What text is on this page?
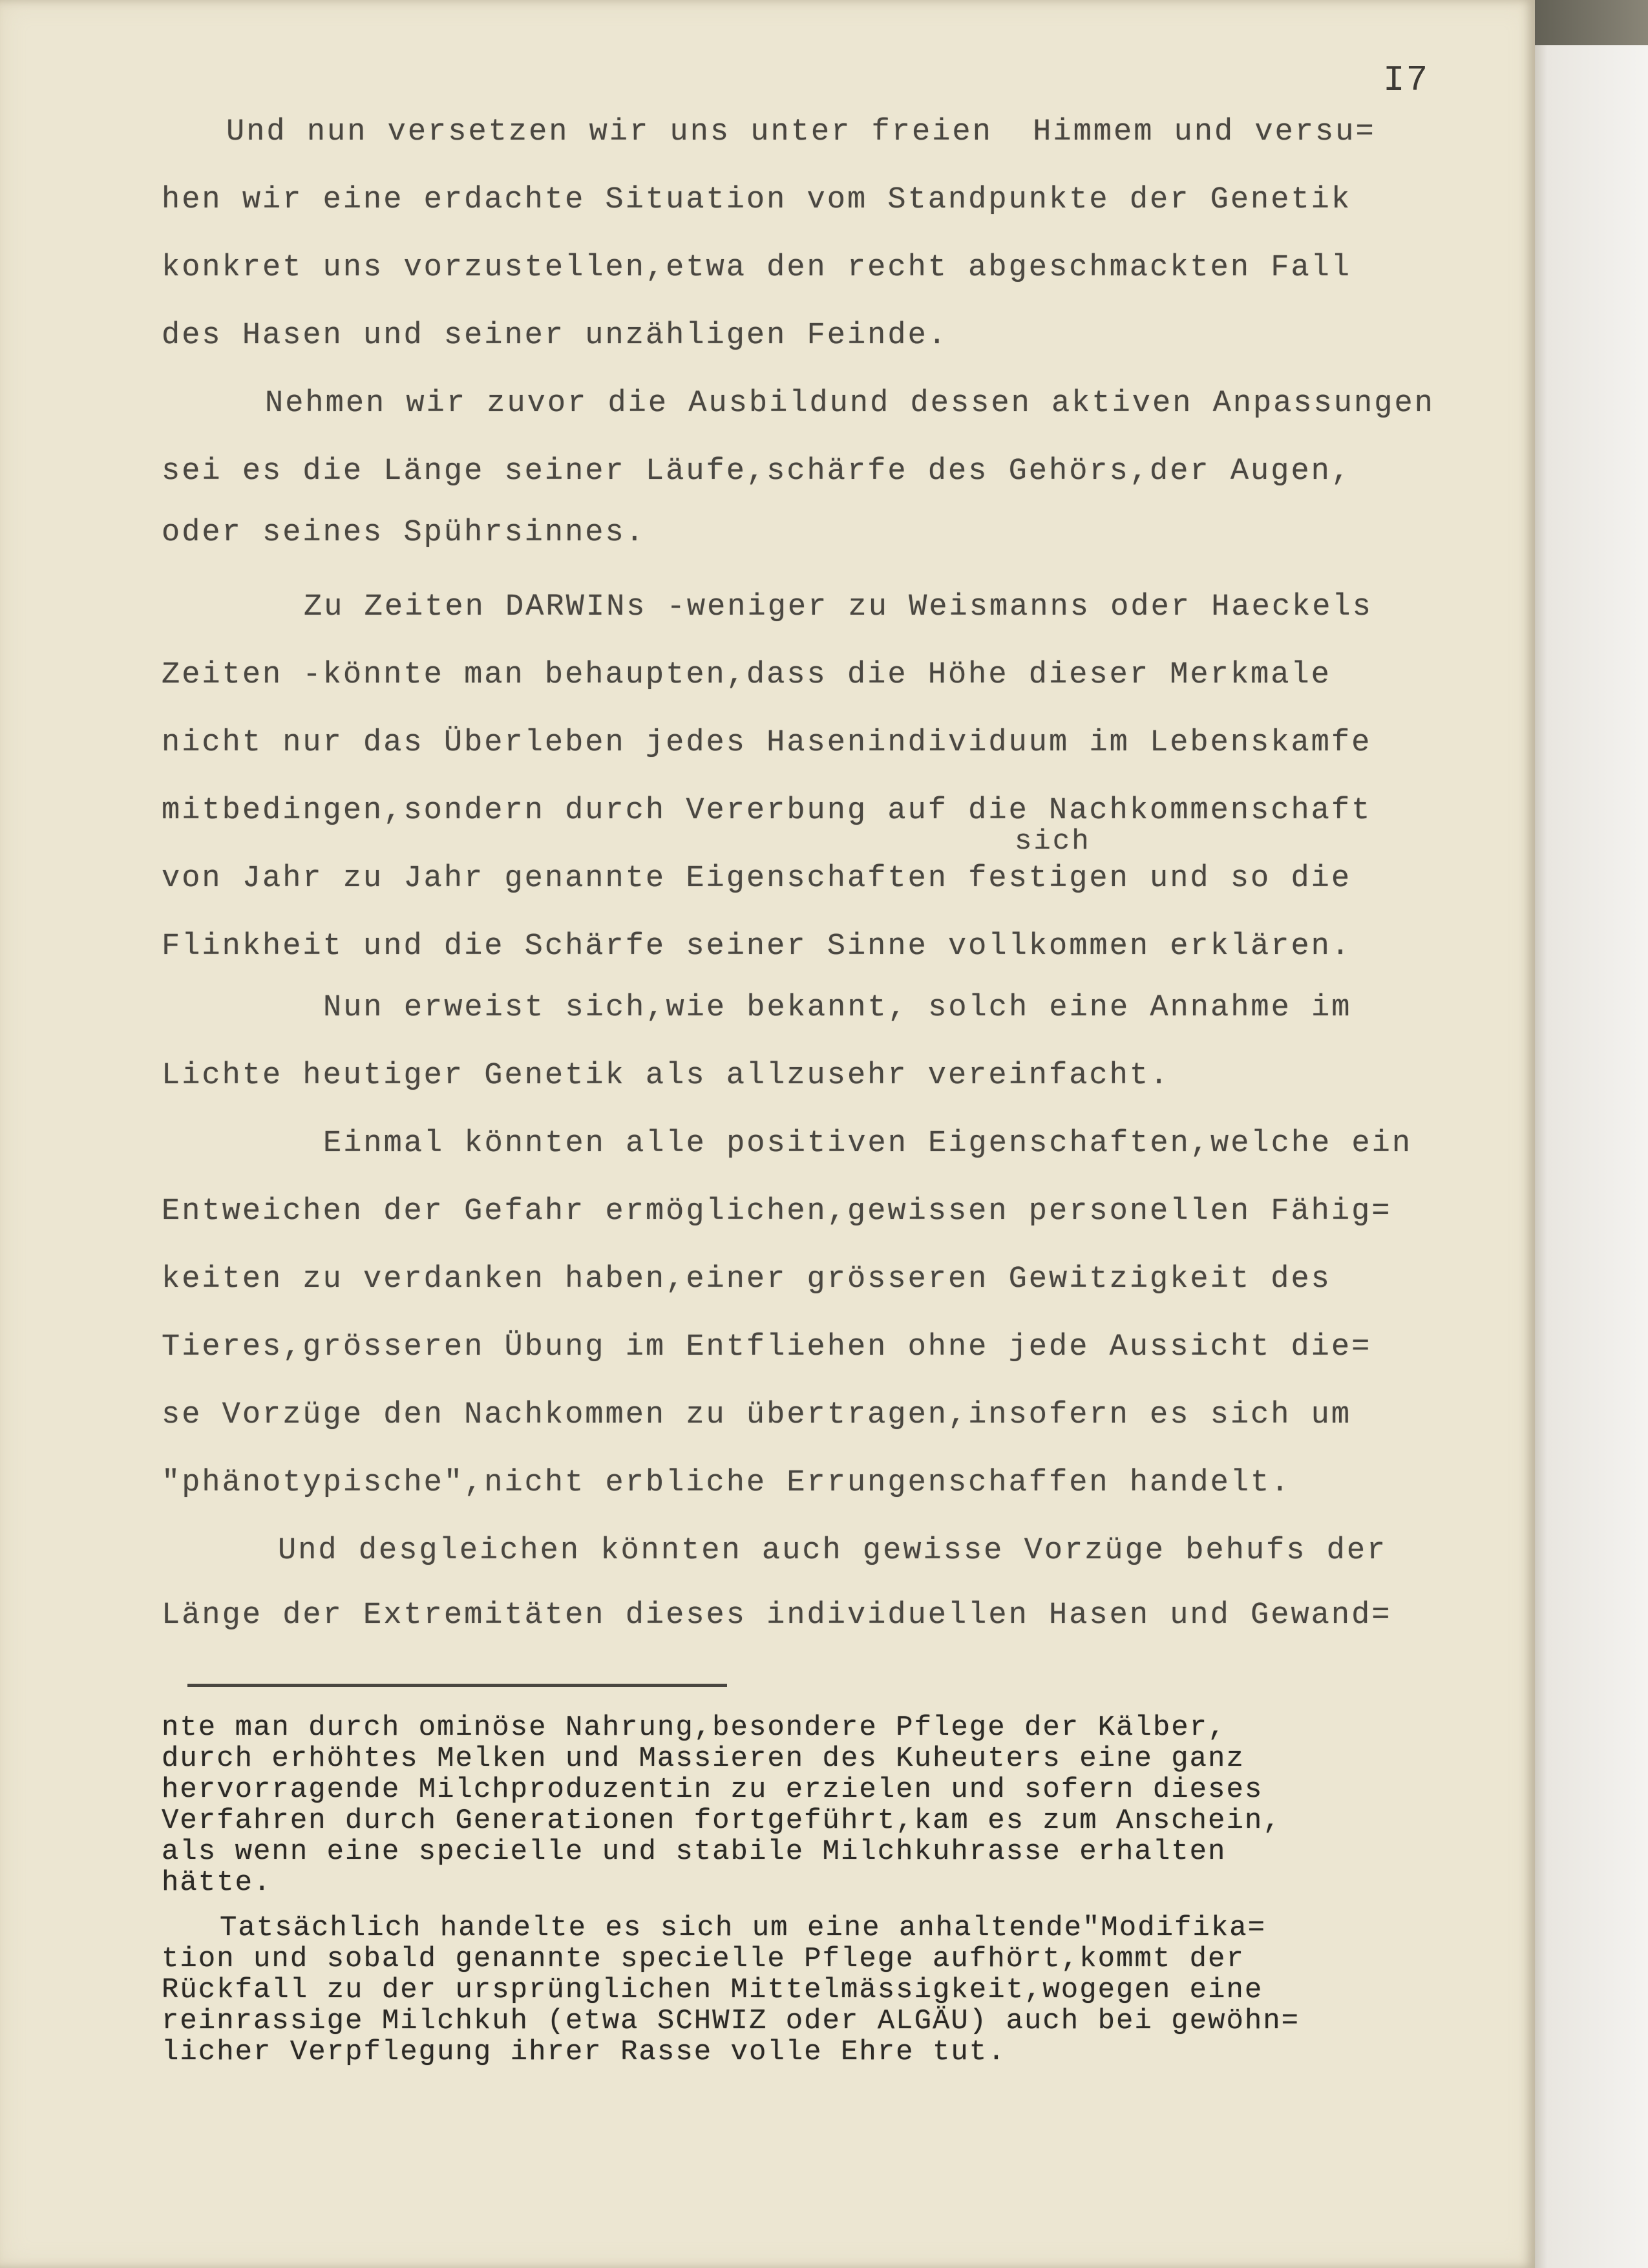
I7
Und nun versetzen wir uns unter freien  Himmem und versu=
hen wir eine erdachte Situation vom Standpunkte der Genetik
konkret uns vorzustellen,etwa den recht abgeschmackten Fall
des Hasen und seiner unzähligen Feinde.
Nehmen wir zuvor die Ausbildund dessen aktiven Anpassungen
sei es die Länge seiner Läufe,schärfe des Gehörs,der Augen,
oder seines Spührsinnes.
Zu Zeiten DARWINs -weniger zu Weismanns oder Haeckels
Zeiten -könnte man behaupten,dass die Höhe dieser Merkmale
nicht nur das Überleben jedes Hasenindividuum im Lebenskamfe
mitbedingen,sondern durch Vererbung auf die Nachkommenschaft
sich
von Jahr zu Jahr genannte Eigenschaften festigen und so die
Flinkheit und die Schärfe seiner Sinne vollkommen erklären.
Nun erweist sich,wie bekannt, solch eine Annahme im
Lichte heutiger Genetik als allzusehr vereinfacht.
Einmal könnten alle positiven Eigenschaften,welche ein
Entweichen der Gefahr ermöglichen,gewissen personellen Fähig=
keiten zu verdanken haben,einer grösseren Gewitzigkeit des
Tieres,grösseren Übung im Entfliehen ohne jede Aussicht die=
se Vorzüge den Nachkommen zu übertragen,insofern es sich um
"phänotypische",nicht erbliche Errungenschaffen handelt.
Und desgleichen könnten auch gewisse Vorzüge behufs der
Länge der Extremitäten dieses individuellen Hasen und Gewand=
nte man durch ominöse Nahrung,besondere Pflege der Kälber,
durch erhöhtes Melken und Massieren des Kuheuters eine ganz
hervorragende Milchproduzentin zu erzielen und sofern dieses
Verfahren durch Generationen fortgeführt,kam es zum Anschein,
als wenn eine specielle und stabile Milchkuhrasse erhalten
hätte.
Tatsächlich handelte es sich um eine anhaltende"Modifika=
tion und sobald genannte specielle Pflege aufhört,kommt der
Rückfall zu der ursprünglichen Mittelmässigkeit,wogegen eine
reinrassige Milchkuh (etwa SCHWIZ oder ALGÄU) auch bei gewöhn=
licher Verpflegung ihrer Rasse volle Ehre tut.
